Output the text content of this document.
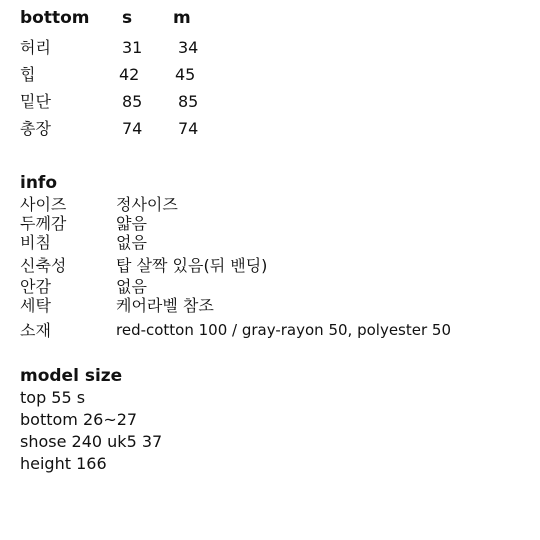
bottom s m
허리	31 34
힙	42 45
밑단	85 85
총장	74 74
info
사이즈	정사이즈
두께감	얇음
비침	없음
신축성	탑 살짝 있음(뒤 밴딩)
안감	없음
세탁	케어라벨 참조
소재	red-cotton 100 / gray-rayon 50, polyester 50
model size
top 55 s
bottom 26~27
shose 240 uk5 37
height 166
